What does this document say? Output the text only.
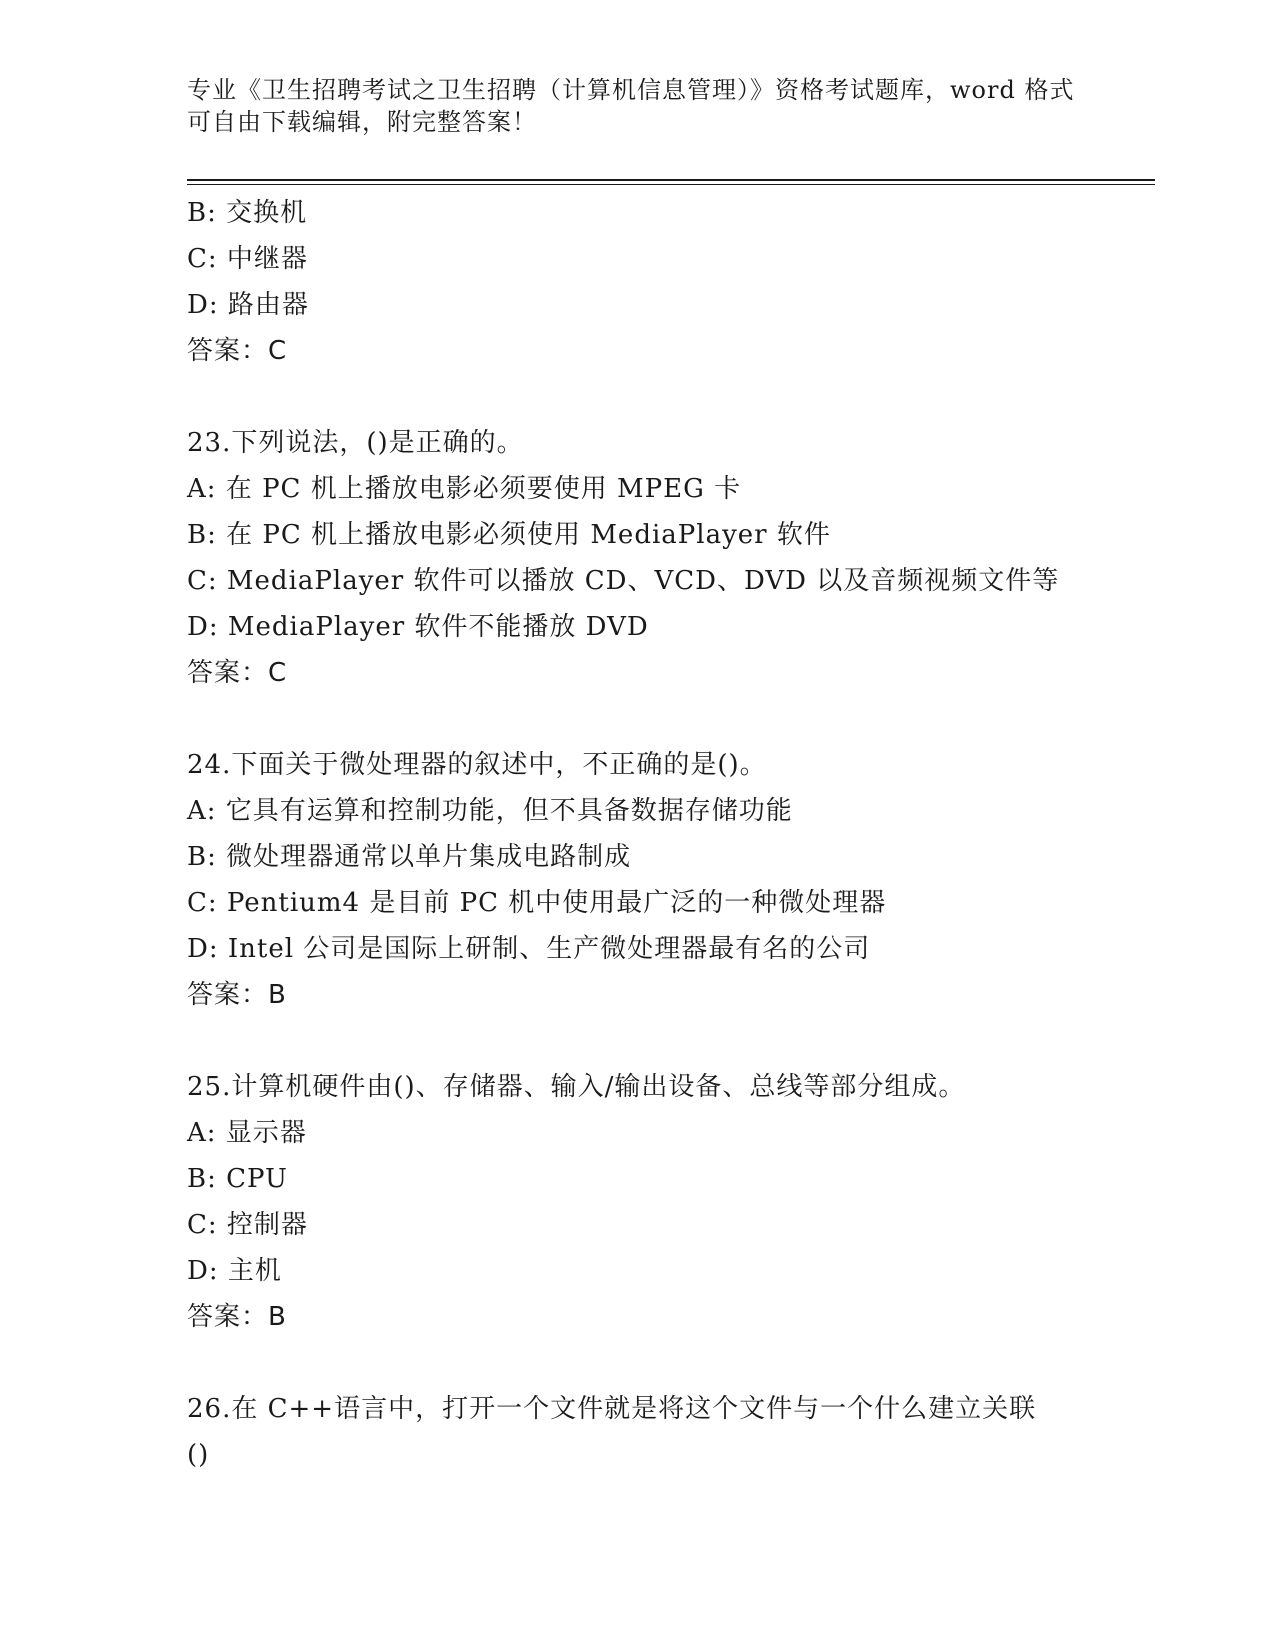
专业《卫生招聘考试之卫生招聘（计算机信息管理）》资格考试题库，word 格式
可自由下载编辑，附完整答案！
B: 交换机
C: 中继器
D: 路由器
答案：C
23.下列说法，()是正确的。
A: 在 PC 机上播放电影必须要使用 MPEG 卡
B: 在 PC 机上播放电影必须使用 MediaPlayer 软件
C: MediaPlayer 软件可以播放 CD、VCD、DVD 以及音频视频文件等
D: MediaPlayer 软件不能播放 DVD
答案：C
24.下面关于微处理器的叙述中，不正确的是()。
A: 它具有运算和控制功能，但不具备数据存储功能
B: 微处理器通常以单片集成电路制成
C: Pentium4 是目前 PC 机中使用最广泛的一种微处理器
D: Intel 公司是国际上研制、生产微处理器最有名的公司
答案：B
25.计算机硬件由()、存储器、输入/输出设备、总线等部分组成。
A: 显示器
B: CPU
C: 控制器
D: 主机
答案：B
26.在 C++语言中，打开一个文件就是将这个文件与一个什么建立关联
()
